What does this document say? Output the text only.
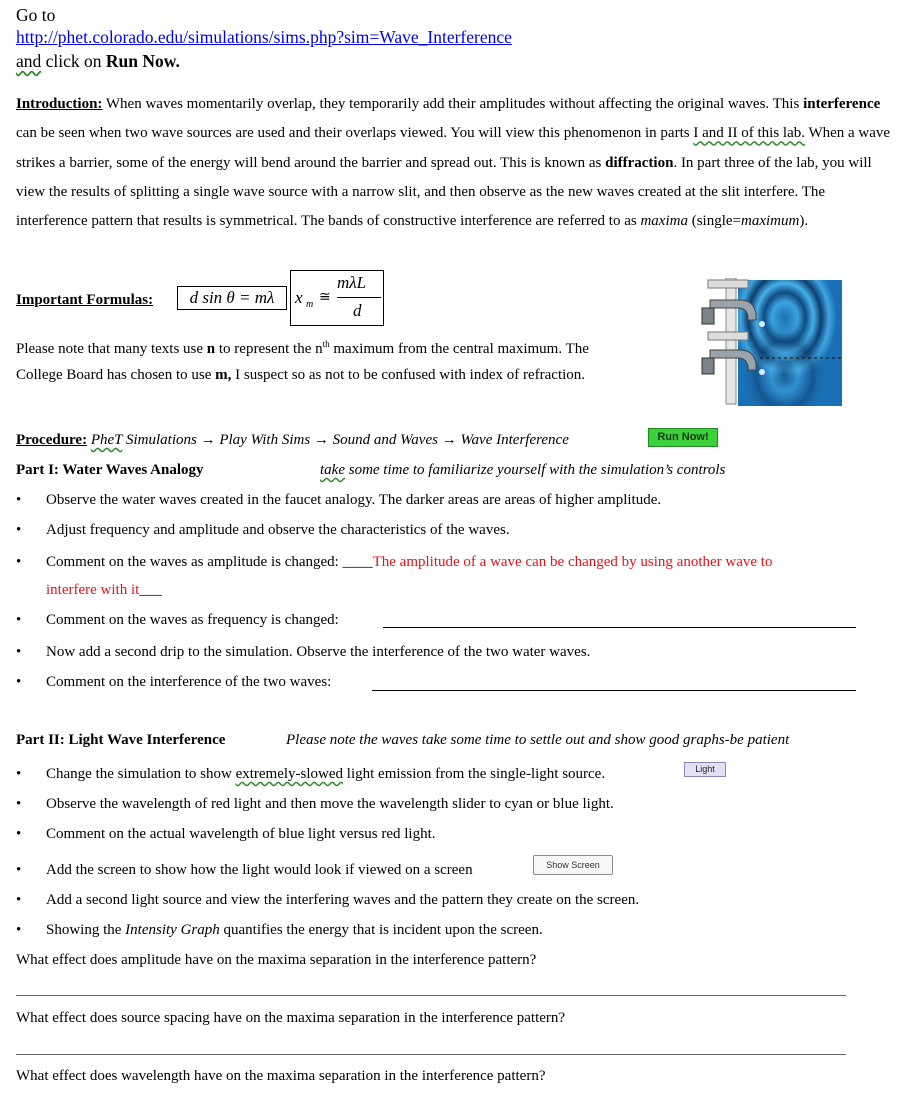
Go to
http://phet.colorado.edu/simulations/sims.php?sim=Wave_Interference
and click on Run Now.
Introduction: When waves momentarily overlap, they temporarily add their amplitudes without affecting the original waves. This interference can be seen when two wave sources are used and their overlaps viewed. You will view this phenomenon in parts I and II of this lab. When a wave strikes a barrier, some of the energy will bend around the barrier and spread out. This is known as diffraction. In part three of the lab, you will view the results of splitting a single wave source with a narrow slit, and then observe as the new waves created at the slit interfere. The interference pattern that results is symmetrical. The bands of constructive interference are referred to as maxima (single=maximum).
Important Formulas:	d sin θ = mλ	x m ≅
mλL
d
Please note that many texts use n to represent the $n^{th}$ maximum from the central maximum. The
College Board has chosen to use m, I suspect so as not to be confused with index of refraction.
Procedure: PheT Simulations → Play With Sims → Sound and Waves → Wave Interference	Run Now!
Part I: Water Waves Analogy	take some time to familiarize yourself with the simulation’s controls
• Observe the water waves created in the faucet analogy. The darker areas are areas of higher amplitude.
• Adjust frequency and amplitude and observe the characteristics of the waves.
• Comment on the waves as amplitude is changed: ____The amplitude of a wave can be changed by using another wave to
interfere with it___
• Comment on the waves as frequency is changed:
• Now add a second drip to the simulation. Observe the interference of the two water waves.
• Comment on the interference of the two waves:
Part II: Light Wave Interference	Please note the waves take some time to settle out and show good graphs-be patient
• Change the simulation to show extremely-slowed light emission from the single-light source.	Light
• Observe the wavelength of red light and then move the wavelength slider to cyan or blue light.
• Comment on the actual wavelength of blue light versus red light.
• Add the screen to show how the light would look if viewed on a screen	Show Screen
• Add a second light source and view the interfering waves and the pattern they create on the screen.
• Showing the Intensity Graph quantifies the energy that is incident upon the screen.
What effect does amplitude have on the maxima separation in the interference pattern?
What effect does source spacing have on the maxima separation in the interference pattern?
What effect does wavelength have on the maxima separation in the interference pattern?
